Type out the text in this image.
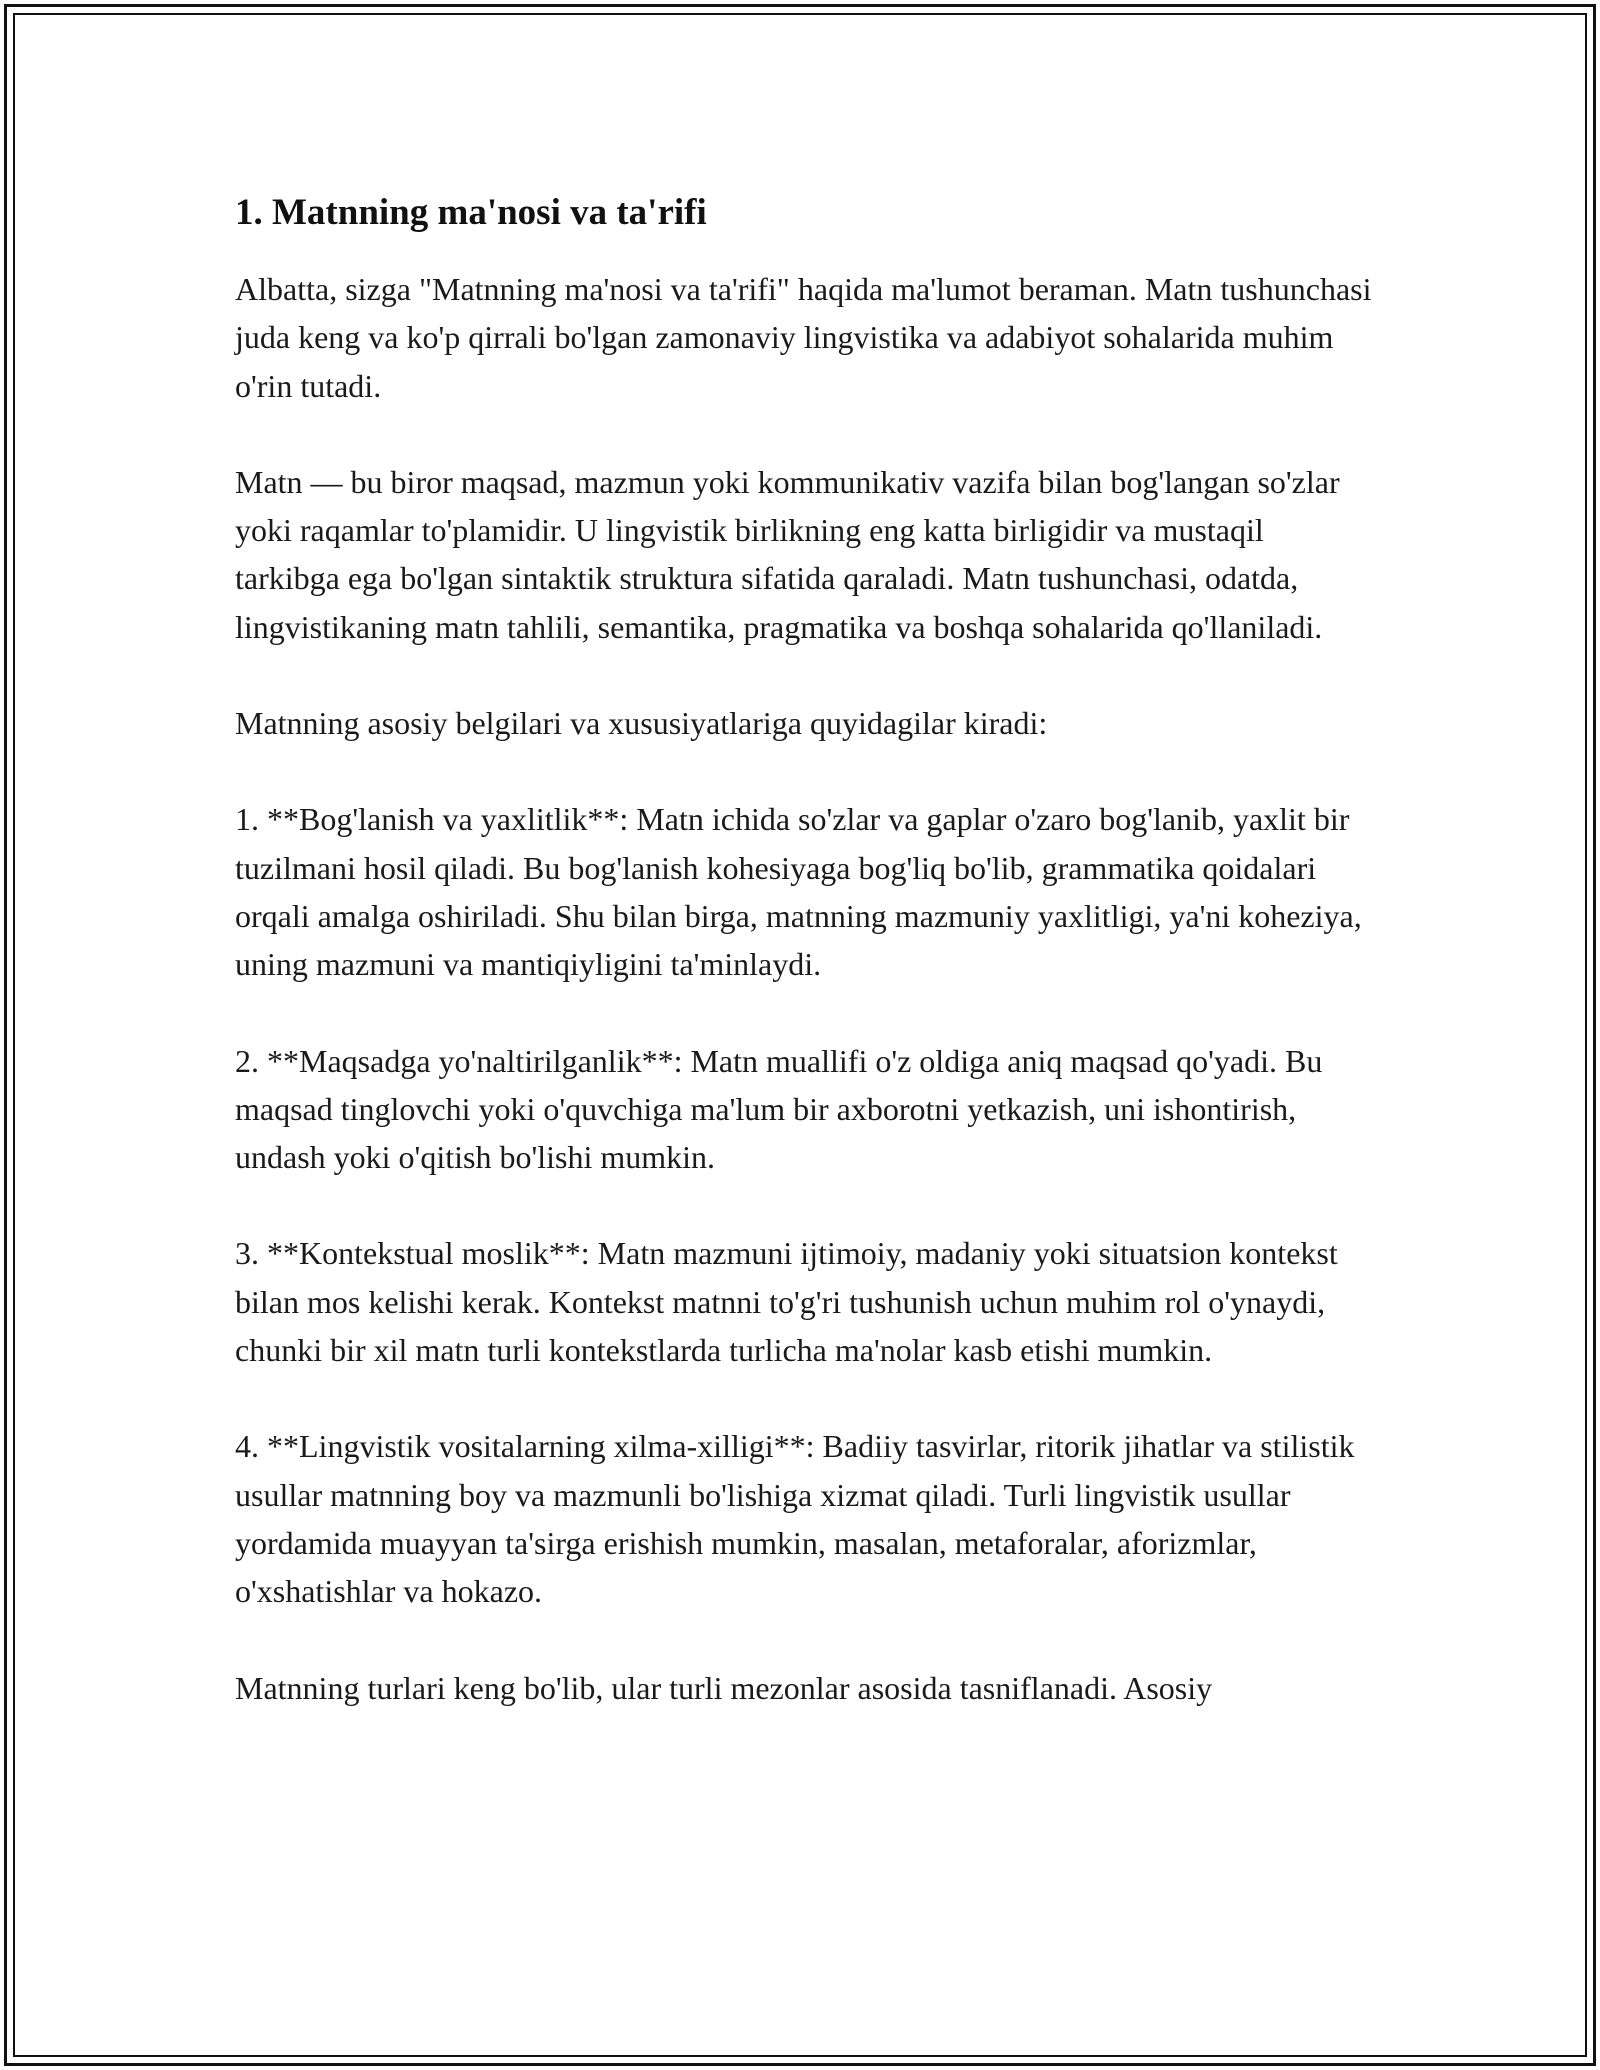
1. Matnning ma'nosi va ta'rifi

Albatta, sizga "Matnning ma'nosi va ta'rifi" haqida ma'lumot beraman. Matn tushunchasi juda keng va ko'p qirrali bo'lgan zamonaviy lingvistika va adabiyot sohalarida muhim o'rin tutadi.

Matn — bu biror maqsad, mazmun yoki kommunikativ vazifa bilan bog'langan so'zlar yoki raqamlar to'plamidir. U lingvistik birlikning eng katta birligidir va mustaqil tarkibga ega bo'lgan sintaktik struktura sifatida qaraladi. Matn tushunchasi, odatda, lingvistikaning matn tahlili, semantika, pragmatika va boshqa sohalarida qo'llaniladi.

Matnning asosiy belgilari va xususiyatlariga quyidagilar kiradi:

1. **Bog'lanish va yaxlitlik**: Matn ichida so'zlar va gaplar o'zaro bog'lanib, yaxlit bir tuzilmani hosil qiladi. Bu bog'lanish kohesiyaga bog'liq bo'lib, grammatika qoidalari orqali amalga oshiriladi. Shu bilan birga, matnning mazmuniy yaxlitligi, ya'ni koheziya, uning mazmuni va mantiqiyligini ta'minlaydi.

2. **Maqsadga yo'naltirilganlik**: Matn muallifi o'z oldiga aniq maqsad qo'yadi. Bu maqsad tinglovchi yoki o'quvchiga ma'lum bir axborotni yetkazish, uni ishontirish, undash yoki o'qitish bo'lishi mumkin.

3. **Kontekstual moslik**: Matn mazmuni ijtimoiy, madaniy yoki situatsion kontekst bilan mos kelishi kerak. Kontekst matnni to'g'ri tushunish uchun muhim rol o'ynaydi, chunki bir xil matn turli kontekstlarda turlicha ma'nolar kasb etishi mumkin.

4. **Lingvistik vositalarning xilma-xilligi**: Badiiy tasvirlar, ritorik jihatlar va stilistik usullar matnning boy va mazmunli bo'lishiga xizmat qiladi. Turli lingvistik usullar yordamida muayyan ta'sirga erishish mumkin, masalan, metaforalar, aforizmlar, o'xshatishlar va hokazo.

Matnning turlari keng bo'lib, ular turli mezonlar asosida tasniflanadi. Asosiy
